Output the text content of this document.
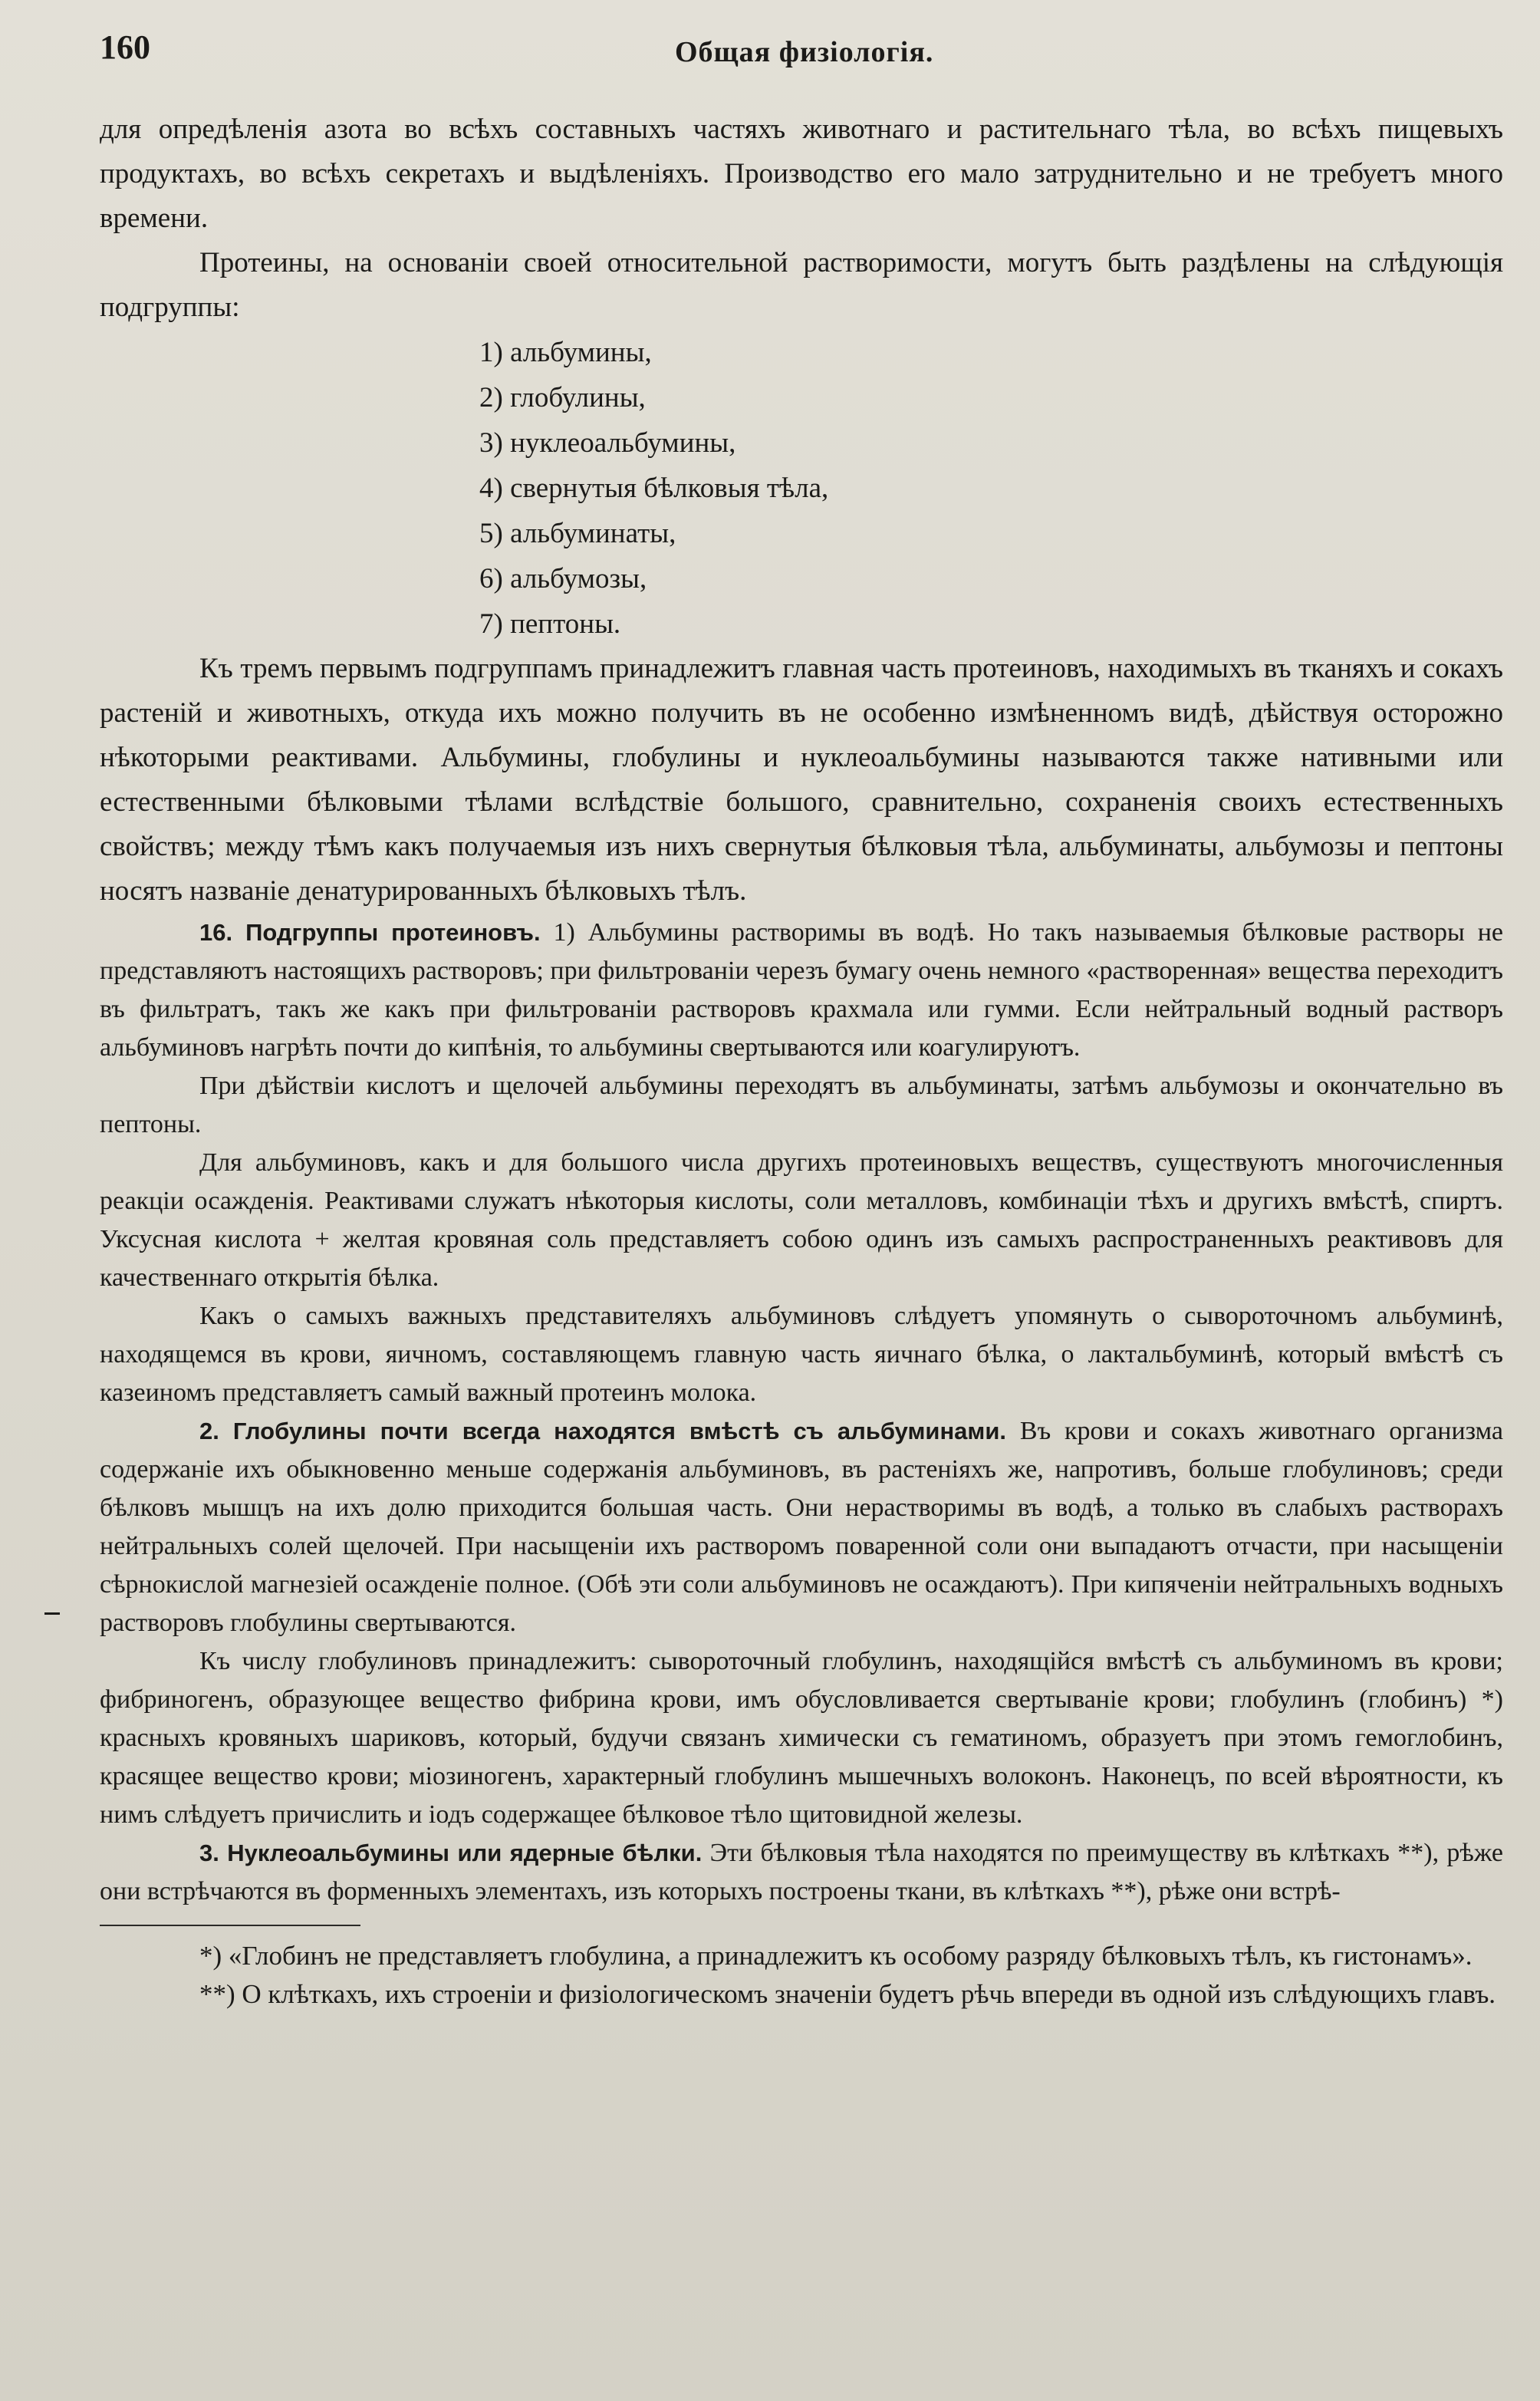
160	Общая физiологiя.

для опредѣленiя азота во всѣхъ составныхъ частяхъ животнаго и растительнаго тѣла, во всѣхъ пищевыхъ продуктахъ, во всѣхъ секретахъ и выдѣленiяхъ. Производство его мало затруднительно и не требуетъ много времени.

Протеины, на основанiи своей относительной растворимости, могутъ быть раздѣлены на слѣдующiя подгруппы:

1) альбумины,
2) глобулины,
3) нуклеоальбумины,
4) свернутыя бѣлковыя тѣла,
5) альбуминаты,
6) альбумозы,
7) пептоны.

Къ тремъ первымъ подгруппамъ принадлежитъ главная часть протеиновъ, находимыхъ въ тканяхъ и сокахъ растенiй и животныхъ, откуда ихъ можно получить въ не особенно измѣненномъ видѣ, дѣйствуя осторожно нѣкоторыми реактивами. Альбумины, глобулины и нуклеоальбумины называются также нативными или естественными бѣлковыми тѣлами вслѣдствiе большого, сравнительно, сохраненiя своихъ естественныхъ свойствъ; между тѣмъ какъ получаемыя изъ нихъ свернутыя бѣлковыя тѣла, альбуминаты, альбумозы и пептоны носятъ названiе денатурированныхъ бѣлковыхъ тѣлъ.

16. Подгруппы протеиновъ. 1) Альбумины растворимы въ водѣ. Но такъ называемыя бѣлковые растворы не представляютъ настоящихъ растворовъ; при фильтрованiи черезъ бумагу очень немного «растворенная» вещества переходитъ въ фильтратъ, такъ же какъ при фильтрованiи растворовъ крахмала или гумми. Если нейтральный водный растворъ альбуминовъ нагрѣть почти до кипѣнiя, то альбумины свертываются или коагулируютъ.

При дѣйствiи кислотъ и щелочей альбумины переходятъ въ альбуминаты, затѣмъ альбумозы и окончательно въ пептоны.

Для альбуминовъ, какъ и для большого числа другихъ протеиновыхъ веществъ, существуютъ многочисленныя реакцiи осажденiя. Реактивами служатъ нѣкоторыя кислоты, соли металловъ, комбинацiи тѣхъ и другихъ вмѣстѣ, спиртъ. Уксусная кислота + желтая кровяная соль представляетъ собою одинъ изъ самыхъ распространенныхъ реактивовъ для качественнаго открытiя бѣлка.

Какъ о самыхъ важныхъ представителяхъ альбуминовъ слѣдуетъ упомянуть о сывороточномъ альбуминѣ, находящемся въ крови, яичномъ, составляющемъ главную часть яичнаго бѣлка, о лактальбуминѣ, который вмѣстѣ съ казеиномъ представляетъ самый важный протеинъ молока.

2. Глобулины почти всегда находятся вмѣстѣ съ альбуминами. Въ крови и сокахъ животнаго организма содержанiе ихъ обыкновенно меньше содержанiя альбуминовъ, въ растенiяхъ же, напротивъ, больше глобулиновъ; среди бѣлковъ мышцъ на ихъ долю приходится большая часть. Они нерастворимы въ водѣ, а только въ слабыхъ растворахъ нейтральныхъ солей щелочей. При насыщенiи ихъ растворомъ поваренной соли они выпадаютъ отчасти, при насыщенiи сѣрнокислой магнезiей осажденiе полное. (Обѣ эти соли альбуминовъ не осаждаютъ). При кипяченiи нейтральныхъ водныхъ растворовъ глобулины свертываются.

Къ числу глобулиновъ принадлежитъ: сывороточный глобулинъ, находящiйся вмѣстѣ съ альбуминомъ въ крови; фибриногенъ, образующее вещество фибрина крови, имъ обусловливается свертыванiе крови; глобулинъ (глобинъ) *) красныхъ кровяныхъ шариковъ, который, будучи связанъ химически съ гематиномъ, образуетъ при этомъ гемоглобинъ, красящее вещество крови; мiозиногенъ, характерный глобулинъ мышечныхъ волоконъ. Наконецъ, по всей вѣроятности, къ нимъ слѣдуетъ причислить и iодъ содержащее бѣлковое тѣло щитовидной железы.

3. Нуклеоальбумины или ядерные бѣлки. Эти бѣлковыя тѣла находятся по преимуществу въ клѣткахъ **), рѣже они встрѣчаются въ форменныхъ элементахъ, изъ которыхъ построены ткани, въ клѣткахъ **), рѣже они встрѣ-

*) «Глобинъ не представляетъ глобулина, а принадлежитъ къ особому разряду бѣлковыхъ тѣлъ, къ гистонамъ».

**) О клѣткахъ, ихъ строенiи и физiологическомъ значенiи будетъ рѣчь впереди въ одной изъ слѣдующихъ главъ.
